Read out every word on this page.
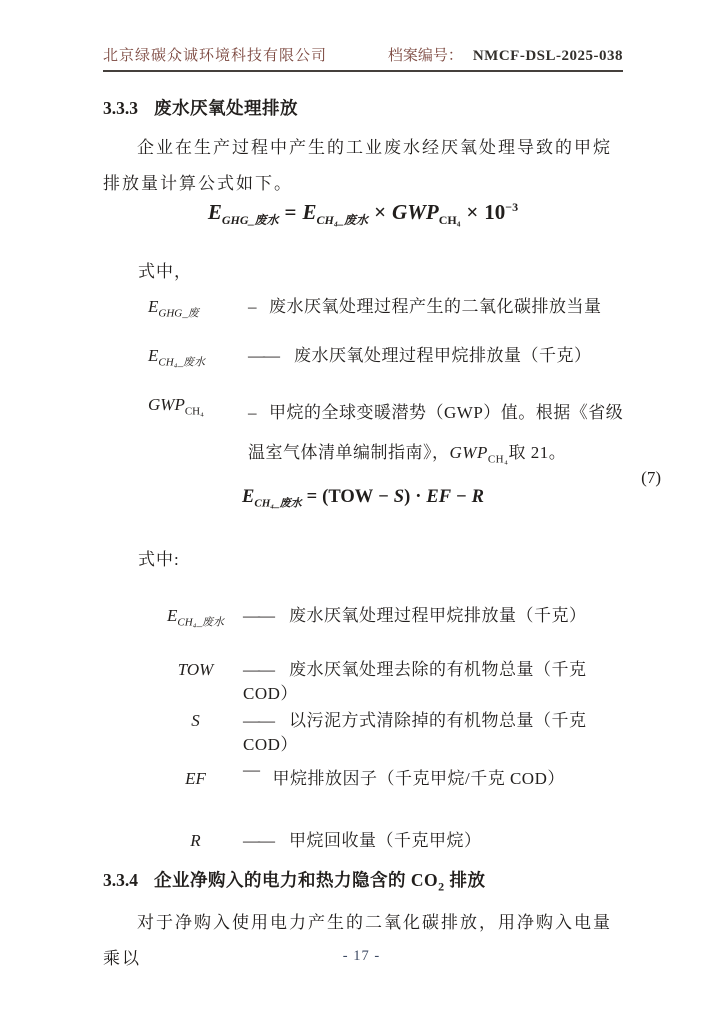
北京绿碳众诚环境科技有限公司	档案编号： NMCF-DSL-2025-038
3.3.3 废水厌氧处理排放
企业在生产过程中产生的工业废水经厌氧处理导致的甲烷排放量计算公式如下。
$E_{GHG\_废水} = E_{CH_4\_废水} \times GWP_{CH_4} \times 10^{-3}$
式中，
$E_{GHG\_废}$	– 废水厌氧处理过程产生的二氧化碳排放当量
$E_{CH_4\_废水}$	—— 废水厌氧处理过程甲烷排放量（千克）
$GWP_{CH_4}$	– 甲烷的全球变暖潜势（GWP）值。根据《省级
温室气体清单编制指南》，$GWP_{CH_4}$取 21。
(7)
$E_{CH_4\_废水} = (TOW - S)$ · EF − R
式中:
$E_{CH_4\_废水}$	—— 废水厌氧处理过程甲烷排放量（千克）
TOW	—— 废水厌氧处理去除的有机物总量（千克 COD）
S	—— 以污泥方式清除掉的有机物总量（千克 COD）
EF	— 甲烷排放因子（千克甲烷/千克 COD）
R	—— 甲烷回收量（千克甲烷）
3.3.4 企业净购入的电力和热力隐含的 $CO_2$ 排放
对于净购入使用电力产生的二氧化碳排放，用净购入电量乘以	- 17 -
